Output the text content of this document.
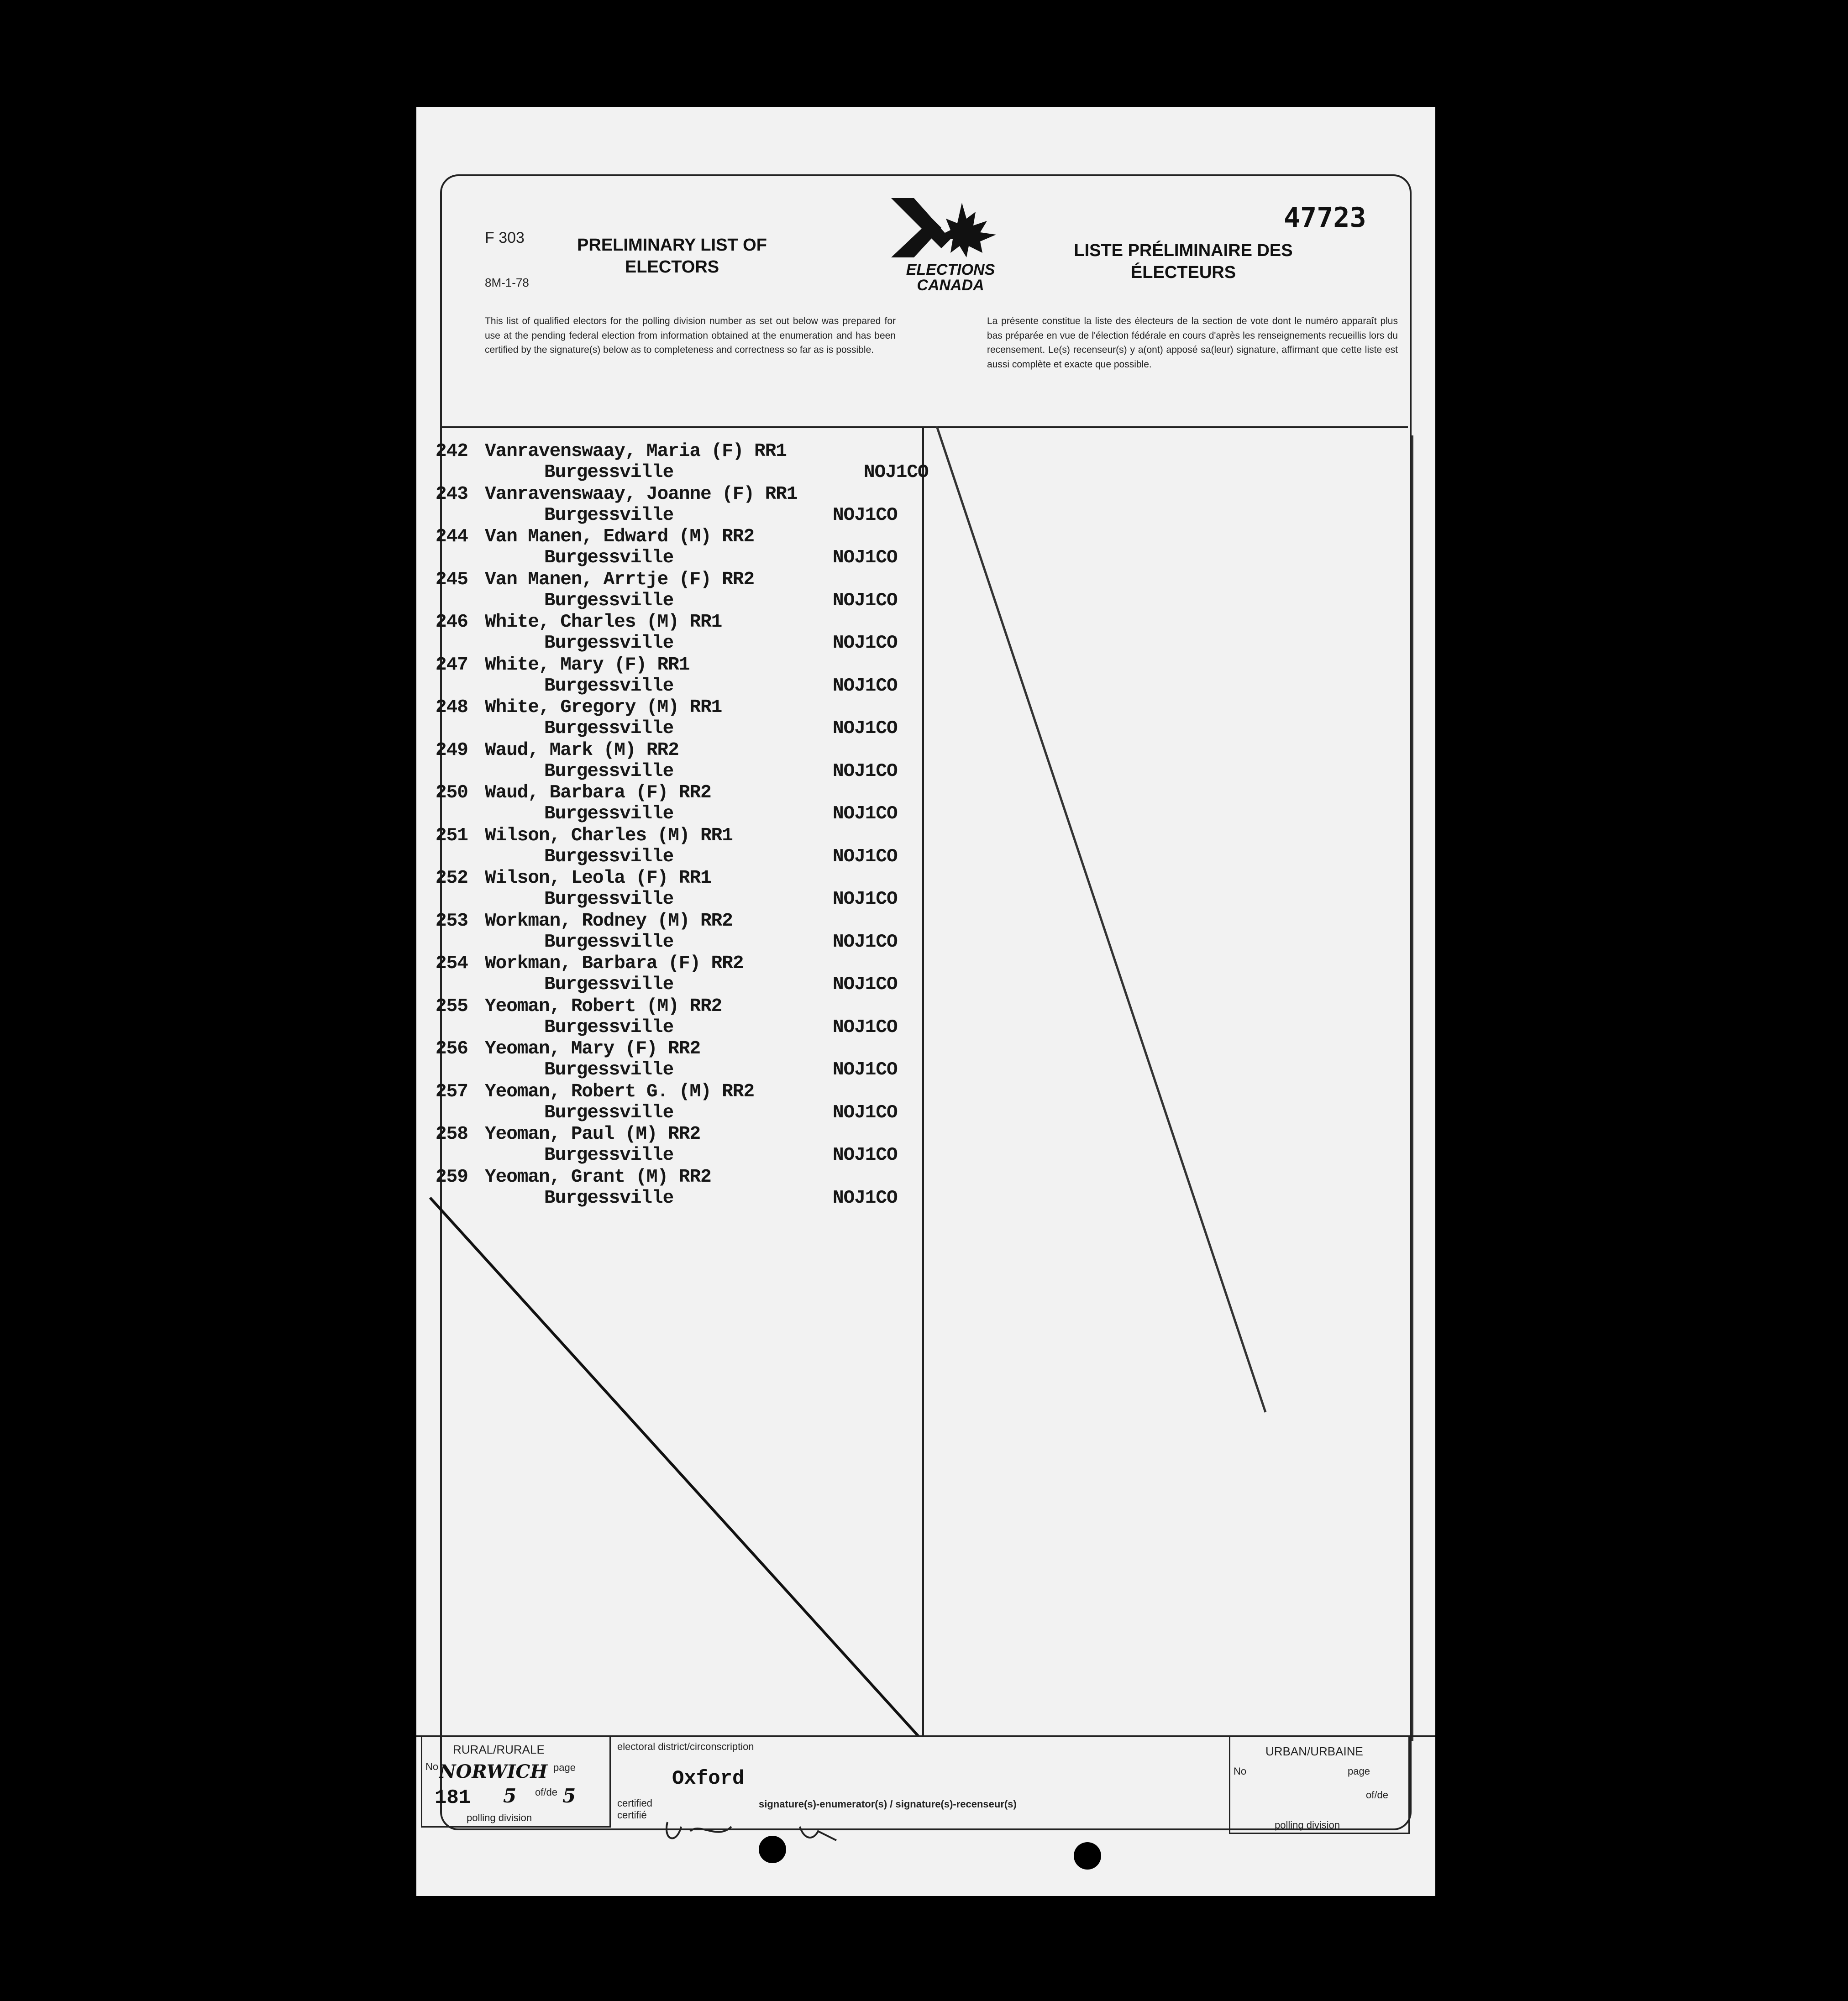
F 303
8M-1-78
PRELIMINARY LIST OF ELECTORS	ELECTIONS
CANADA
LISTE PRÉLIMINAIRE DES ÉLECTEURS
47723
This list of qualified electors for the polling division number as set out below was prepared for use at the pending federal election from information obtained at the enumeration and has been certified by the signature(s) below as to completeness and correctness so far as is possible.
La présente constitue la liste des électeurs de la section de vote dont le numéro apparaît plus bas préparée en vue de l'élection fédérale en cours d'après les renseignements recueillis lors du recensement. Le(s) recenseur(s) y a(ont) apposé sa(leur) signature, affirmant que cette liste est aussi complète et exacte que possible.
242 Vanravenswaay, Maria (F) RR1
Burgessville	NOJ1CO
243 Vanravenswaay, Joanne (F) RR1
Burgessville	NOJ1CO
244 Van Manen, Edward (M) RR2
Burgessville	NOJ1CO
245 Van Manen, Arrtje (F) RR2
Burgessville	NOJ1CO
246 White, Charles (M) RR1
Burgessville	NOJ1CO
247 White, Mary (F) RR1
Burgessville	NOJ1CO
248 White, Gregory (M) RR1
Burgessville	NOJ1CO
249 Waud, Mark (M) RR2
Burgessville	NOJ1CO
250 Waud, Barbara (F) RR2
Burgessville	NOJ1CO
251 Wilson, Charles (M) RR1
Burgessville	NOJ1CO
252 Wilson, Leola (F) RR1
Burgessville	NOJ1CO
253 Workman, Rodney (M) RR2
Burgessville	NOJ1CO
254 Workman, Barbara (F) RR2
Burgessville	NOJ1CO
255 Yeoman, Robert (M) RR2
Burgessville	NOJ1CO
256 Yeoman, Mary (F) RR2
Burgessville	NOJ1CO
257 Yeoman, Robert G. (M) RR2
Burgessville	NOJ1CO
258 Yeoman, Paul (M) RR2
Burgessville	NOJ1CO
259 Yeoman, Grant (M) RR2
Burgessville	NOJ1CO
RURAL/RURALE
No NORWICH page
181 5 of/de 5
polling division
electoral district/circonscription
Oxford
certified
certifié
signature(s)-enumerator(s) / signature(s)-recenseur(s)
URBAN/URBAINE
No	page
of/de
polling division
